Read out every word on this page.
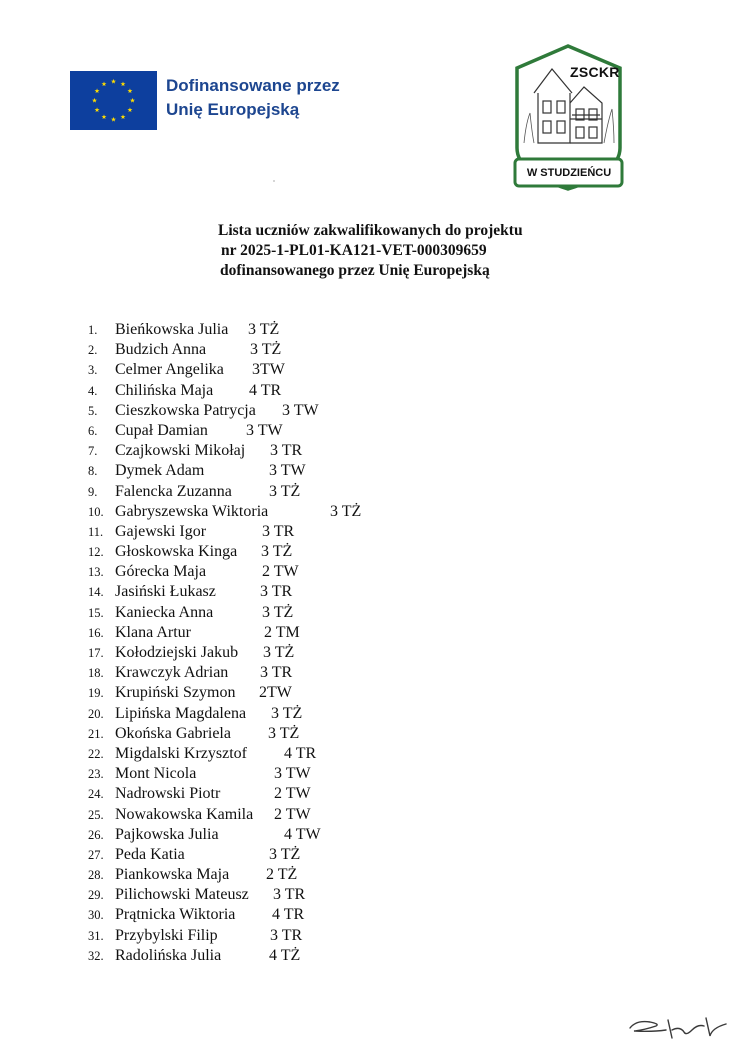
Dofinansowane przez
Unię Europejską
ZSCKR
W STUDZIEŃCU
Lista uczniów zakwalifikowanych do projektu
nr 2025-1-PL01-KA121-VET-000309659
dofinansowanego przez Unię Europejską
1.	Bieńkowska Julia 3 TŻ
2.	Budzich Anna	3 TŻ
3.	Celmer Angelika 3TW
4.	Chilińska Maja 4 TR
5.	Cieszkowska Patrycja 3 TW
6.	Cupał Damian 3 TW
7.	Czajkowski Mikołaj 3 TR
8.	Dymek Adam	3 TW
9.	Falencka Zuzanna 3 TŻ
10. Gabryszewska Wiktoria	3 TŻ
11. Gajewski Igor	3 TR
12. Głoskowska Kinga 3 TŻ
13. Górecka Maja	2 TW
14. Jasiński Łukasz	3 TR
15. Kaniecka Anna	3 TŻ
16. Klana Artur	2 TM
17. Kołodziejski Jakub 3 TŻ
18. Krawczyk Adrian 3 TR
19. Krupiński Szymon 2TW
20. Lipińska Magdalena 3 TŻ
21. Okońska Gabriela 3 TŻ
22. Migdalski Krzysztof 4 TR
23. Mont Nicola	3 TW
24. Nadrowski Piotr	2 TW
25. Nowakowska Kamila 2 TW
26. Pajkowska Julia	4 TW
27. Peda Katia	3 TŻ
28. Piankowska Maja 2 TŻ
29. Pilichowski Mateusz 3 TR
30. Prątnicka Wiktoria 4 TR
31. Przybylski Filip	3 TR
32. Radolińska Julia	4 TŻ
